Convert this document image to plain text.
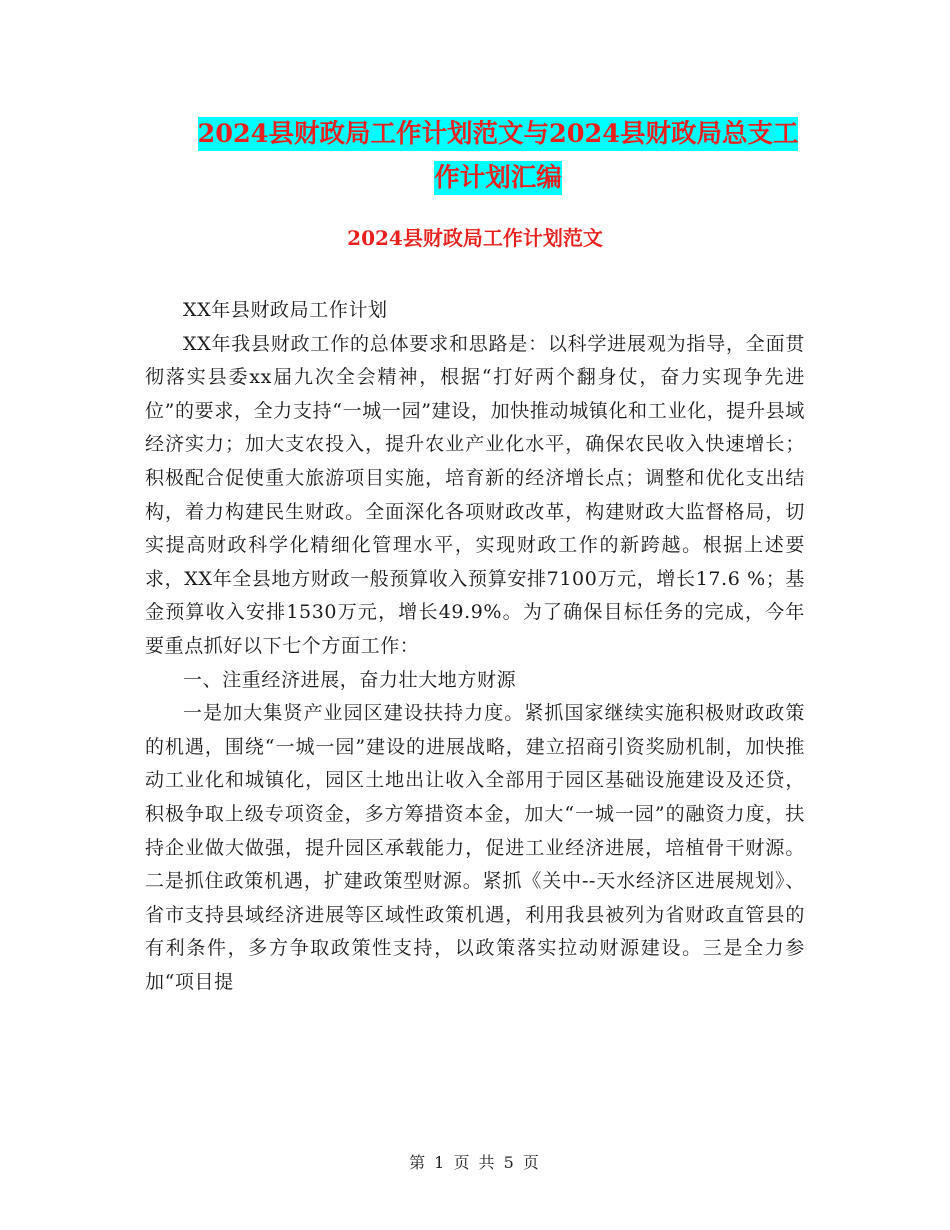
2024县财政局工作计划范文与2024县财政局总支工作计划汇编
2024县财政局工作计划范文

XX年县财政局工作计划

XX年我县财政工作的总体要求和思路是：以科学进展观为指导，全面贯彻落实县委xx届九次全会精神，根据“打好两个翻身仗，奋力实现争先进位”的要求，全力支持“一城一园”建设，加快推动城镇化和工业化，提升县域经济实力；加大支农投入，提升农业产业化水平，确保农民收入快速增长；积极配合促使重大旅游项目实施，培育新的经济增长点；调整和优化支出结构，着力构建民生财政。全面深化各项财政改革，构建财政大监督格局，切实提高财政科学化精细化管理水平，实现财政工作的新跨越。根据上述要求，XX年全县地方财政一般预算收入预算安排7100万元，增长17.6 %；基金预算收入安排1530万元，增长49.9%。为了确保目标任务的完成，今年要重点抓好以下七个方面工作：

一、注重经济进展，奋力壮大地方财源

一是加大集贤产业园区建设扶持力度。紧抓国家继续实施积极财政政策的机遇，围绕“一城一园”建设的进展战略，建立招商引资奖励机制，加快推动工业化和城镇化，园区土地出让收入全部用于园区基础设施建设及还贷，积极争取上级专项资金，多方筹措资本金，加大“一城一园”的融资力度，扶持企业做大做强，提升园区承载能力，促进工业经济进展，培植骨干财源。二是抓住政策机遇，扩建政策型财源。紧抓《关中--天水经济区进展规划》、省市支持县域经济进展等区域性政策机遇，利用我县被列为省财政直管县的有利条件，多方争取政策性支持，以政策落实拉动财源建设。三是全力参加“项目提

第 1 页 共 5 页
